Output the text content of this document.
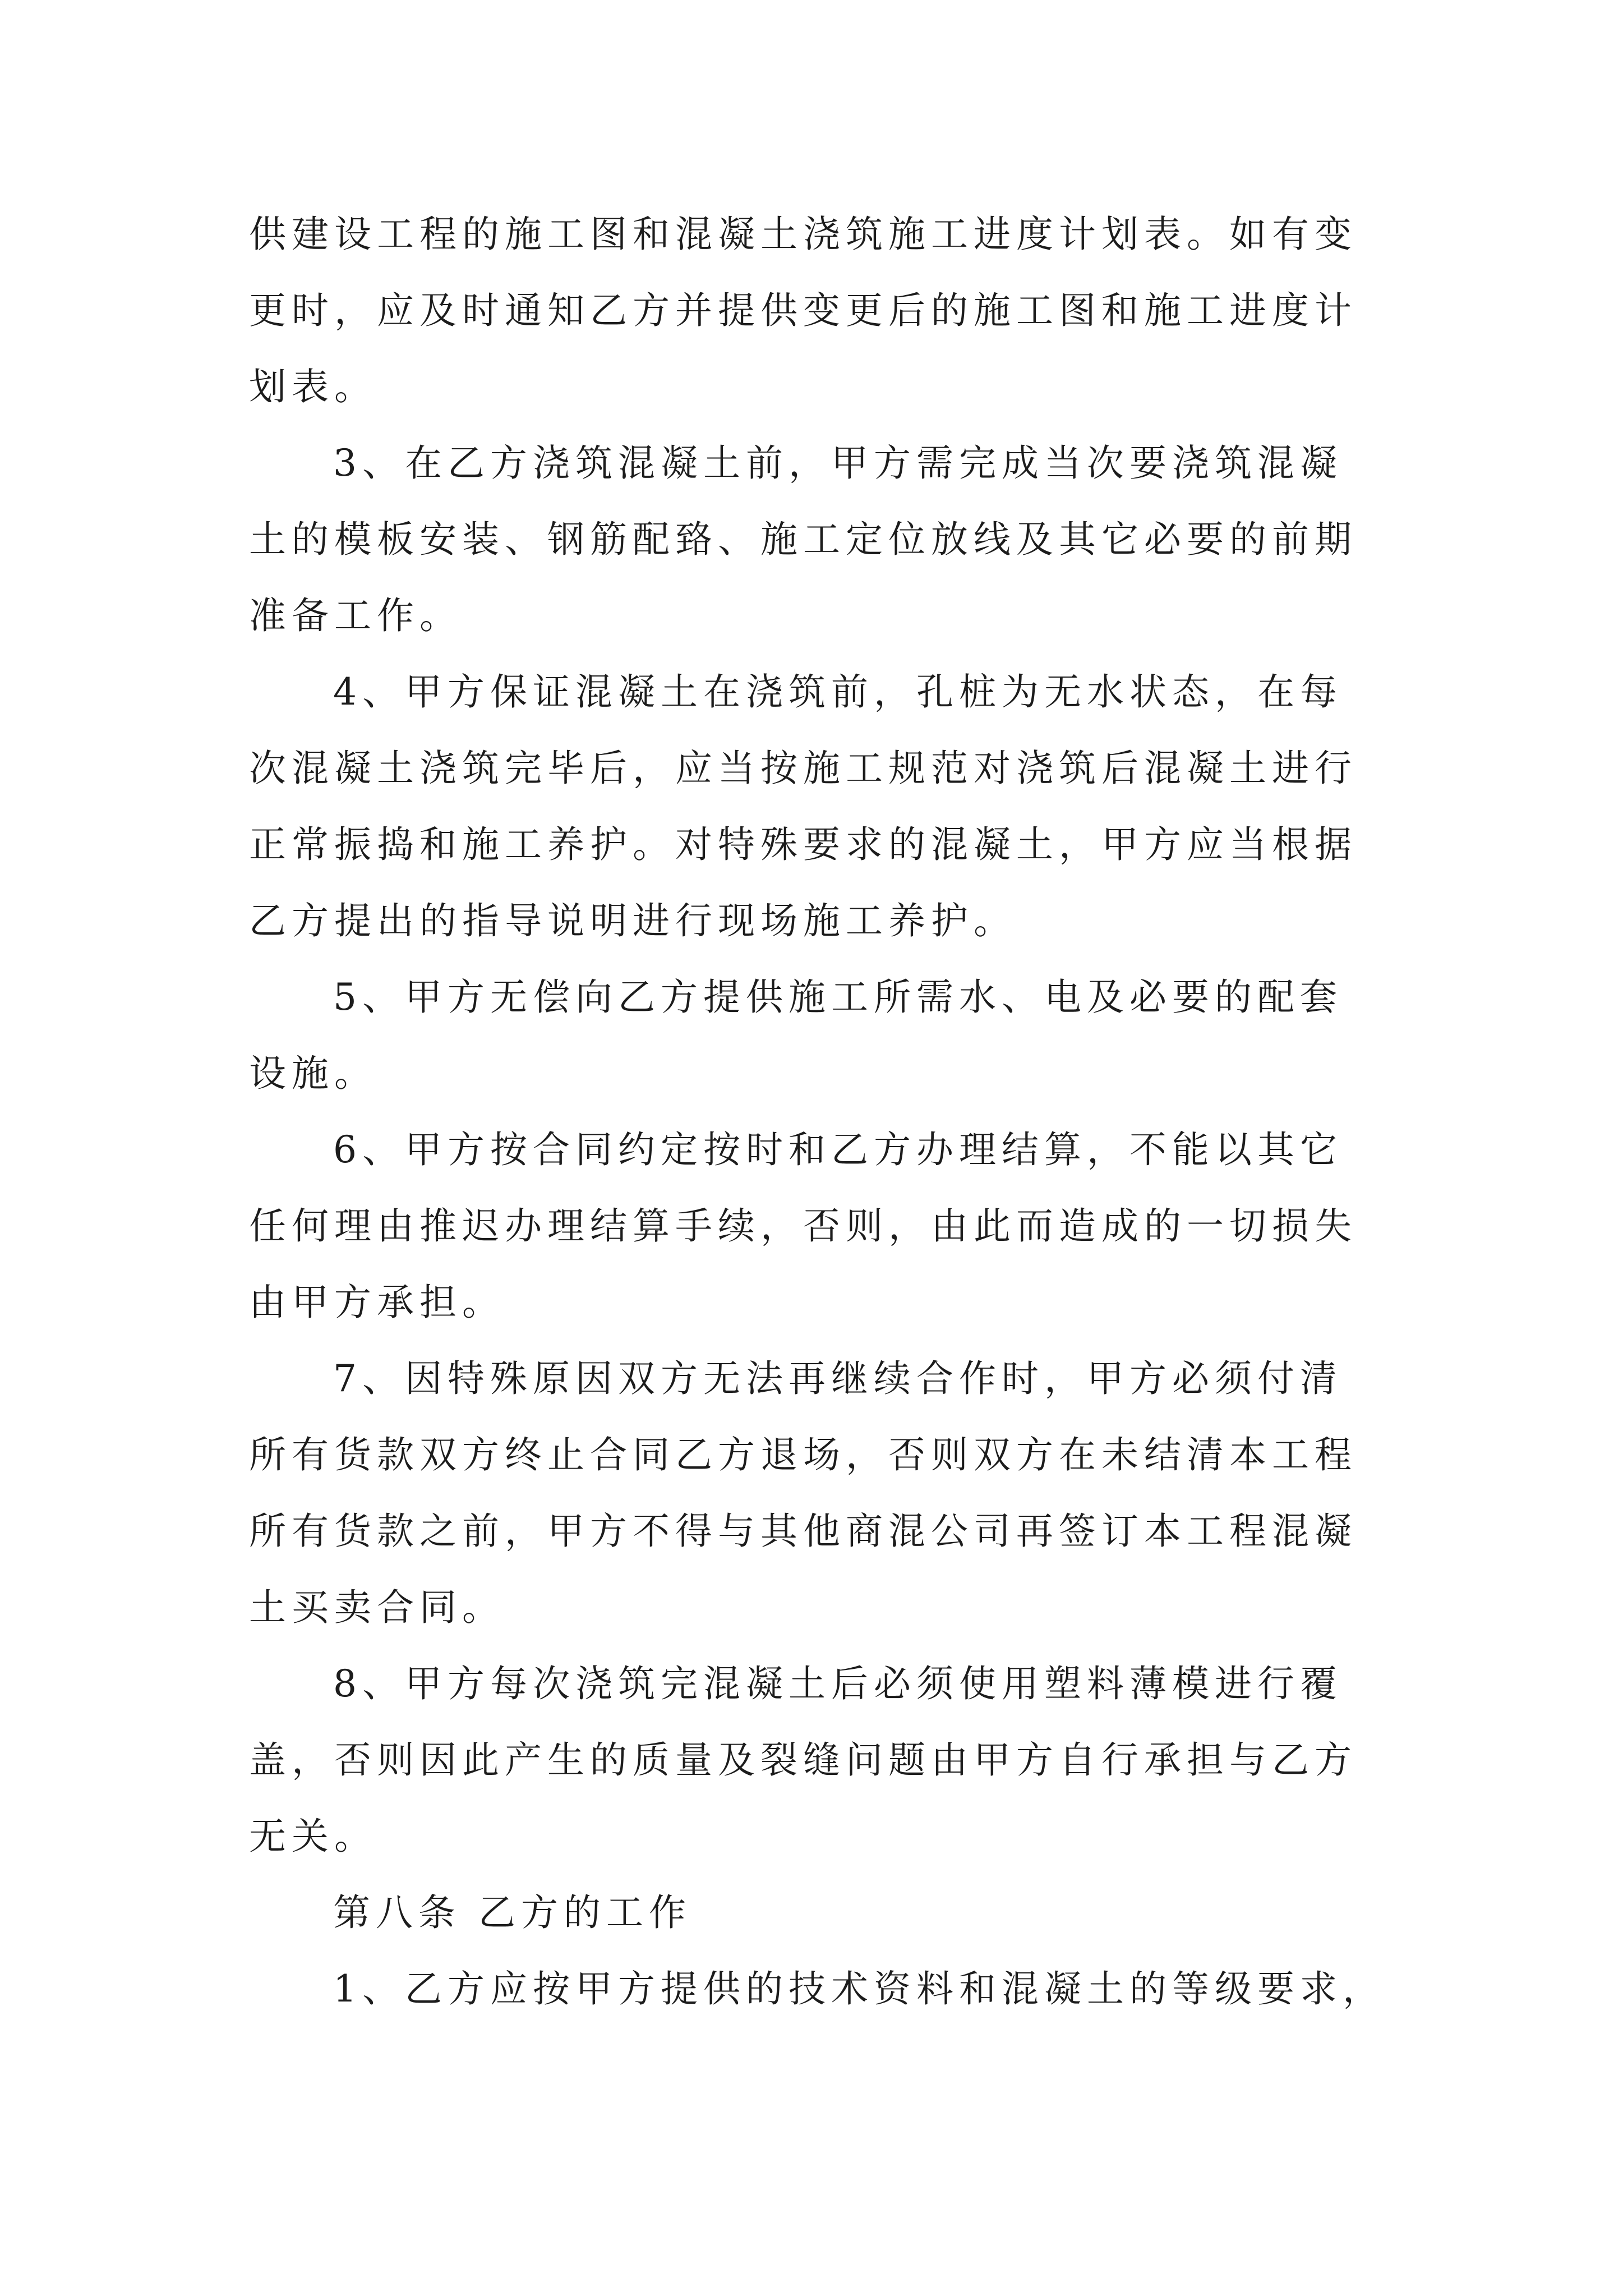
供建设工程的施工图和混凝土浇筑施工进度计划表。如有变
更时，应及时通知乙方并提供变更后的施工图和施工进度计
划表。
3、在乙方浇筑混凝土前，甲方需完成当次要浇筑混凝
土的模板安装、钢筋配臵、施工定位放线及其它必要的前期
准备工作。
4、甲方保证混凝土在浇筑前，孔桩为无水状态，在每
次混凝土浇筑完毕后，应当按施工规范对浇筑后混凝土进行
正常振捣和施工养护。对特殊要求的混凝土，甲方应当根据
乙方提出的指导说明进行现场施工养护。
5、甲方无偿向乙方提供施工所需水、电及必要的配套
设施。
6、甲方按合同约定按时和乙方办理结算，不能以其它
任何理由推迟办理结算手续，否则，由此而造成的一切损失
由甲方承担。
7、因特殊原因双方无法再继续合作时，甲方必须付清
所有货款双方终止合同乙方退场，否则双方在未结清本工程
所有货款之前，甲方不得与其他商混公司再签订本工程混凝
土买卖合同。
8、甲方每次浇筑完混凝土后必须使用塑料薄模进行覆
盖，否则因此产生的质量及裂缝问题由甲方自行承担与乙方
无关。
第八条 乙方的工作
1、乙方应按甲方提供的技术资料和混凝土的等级要求，
